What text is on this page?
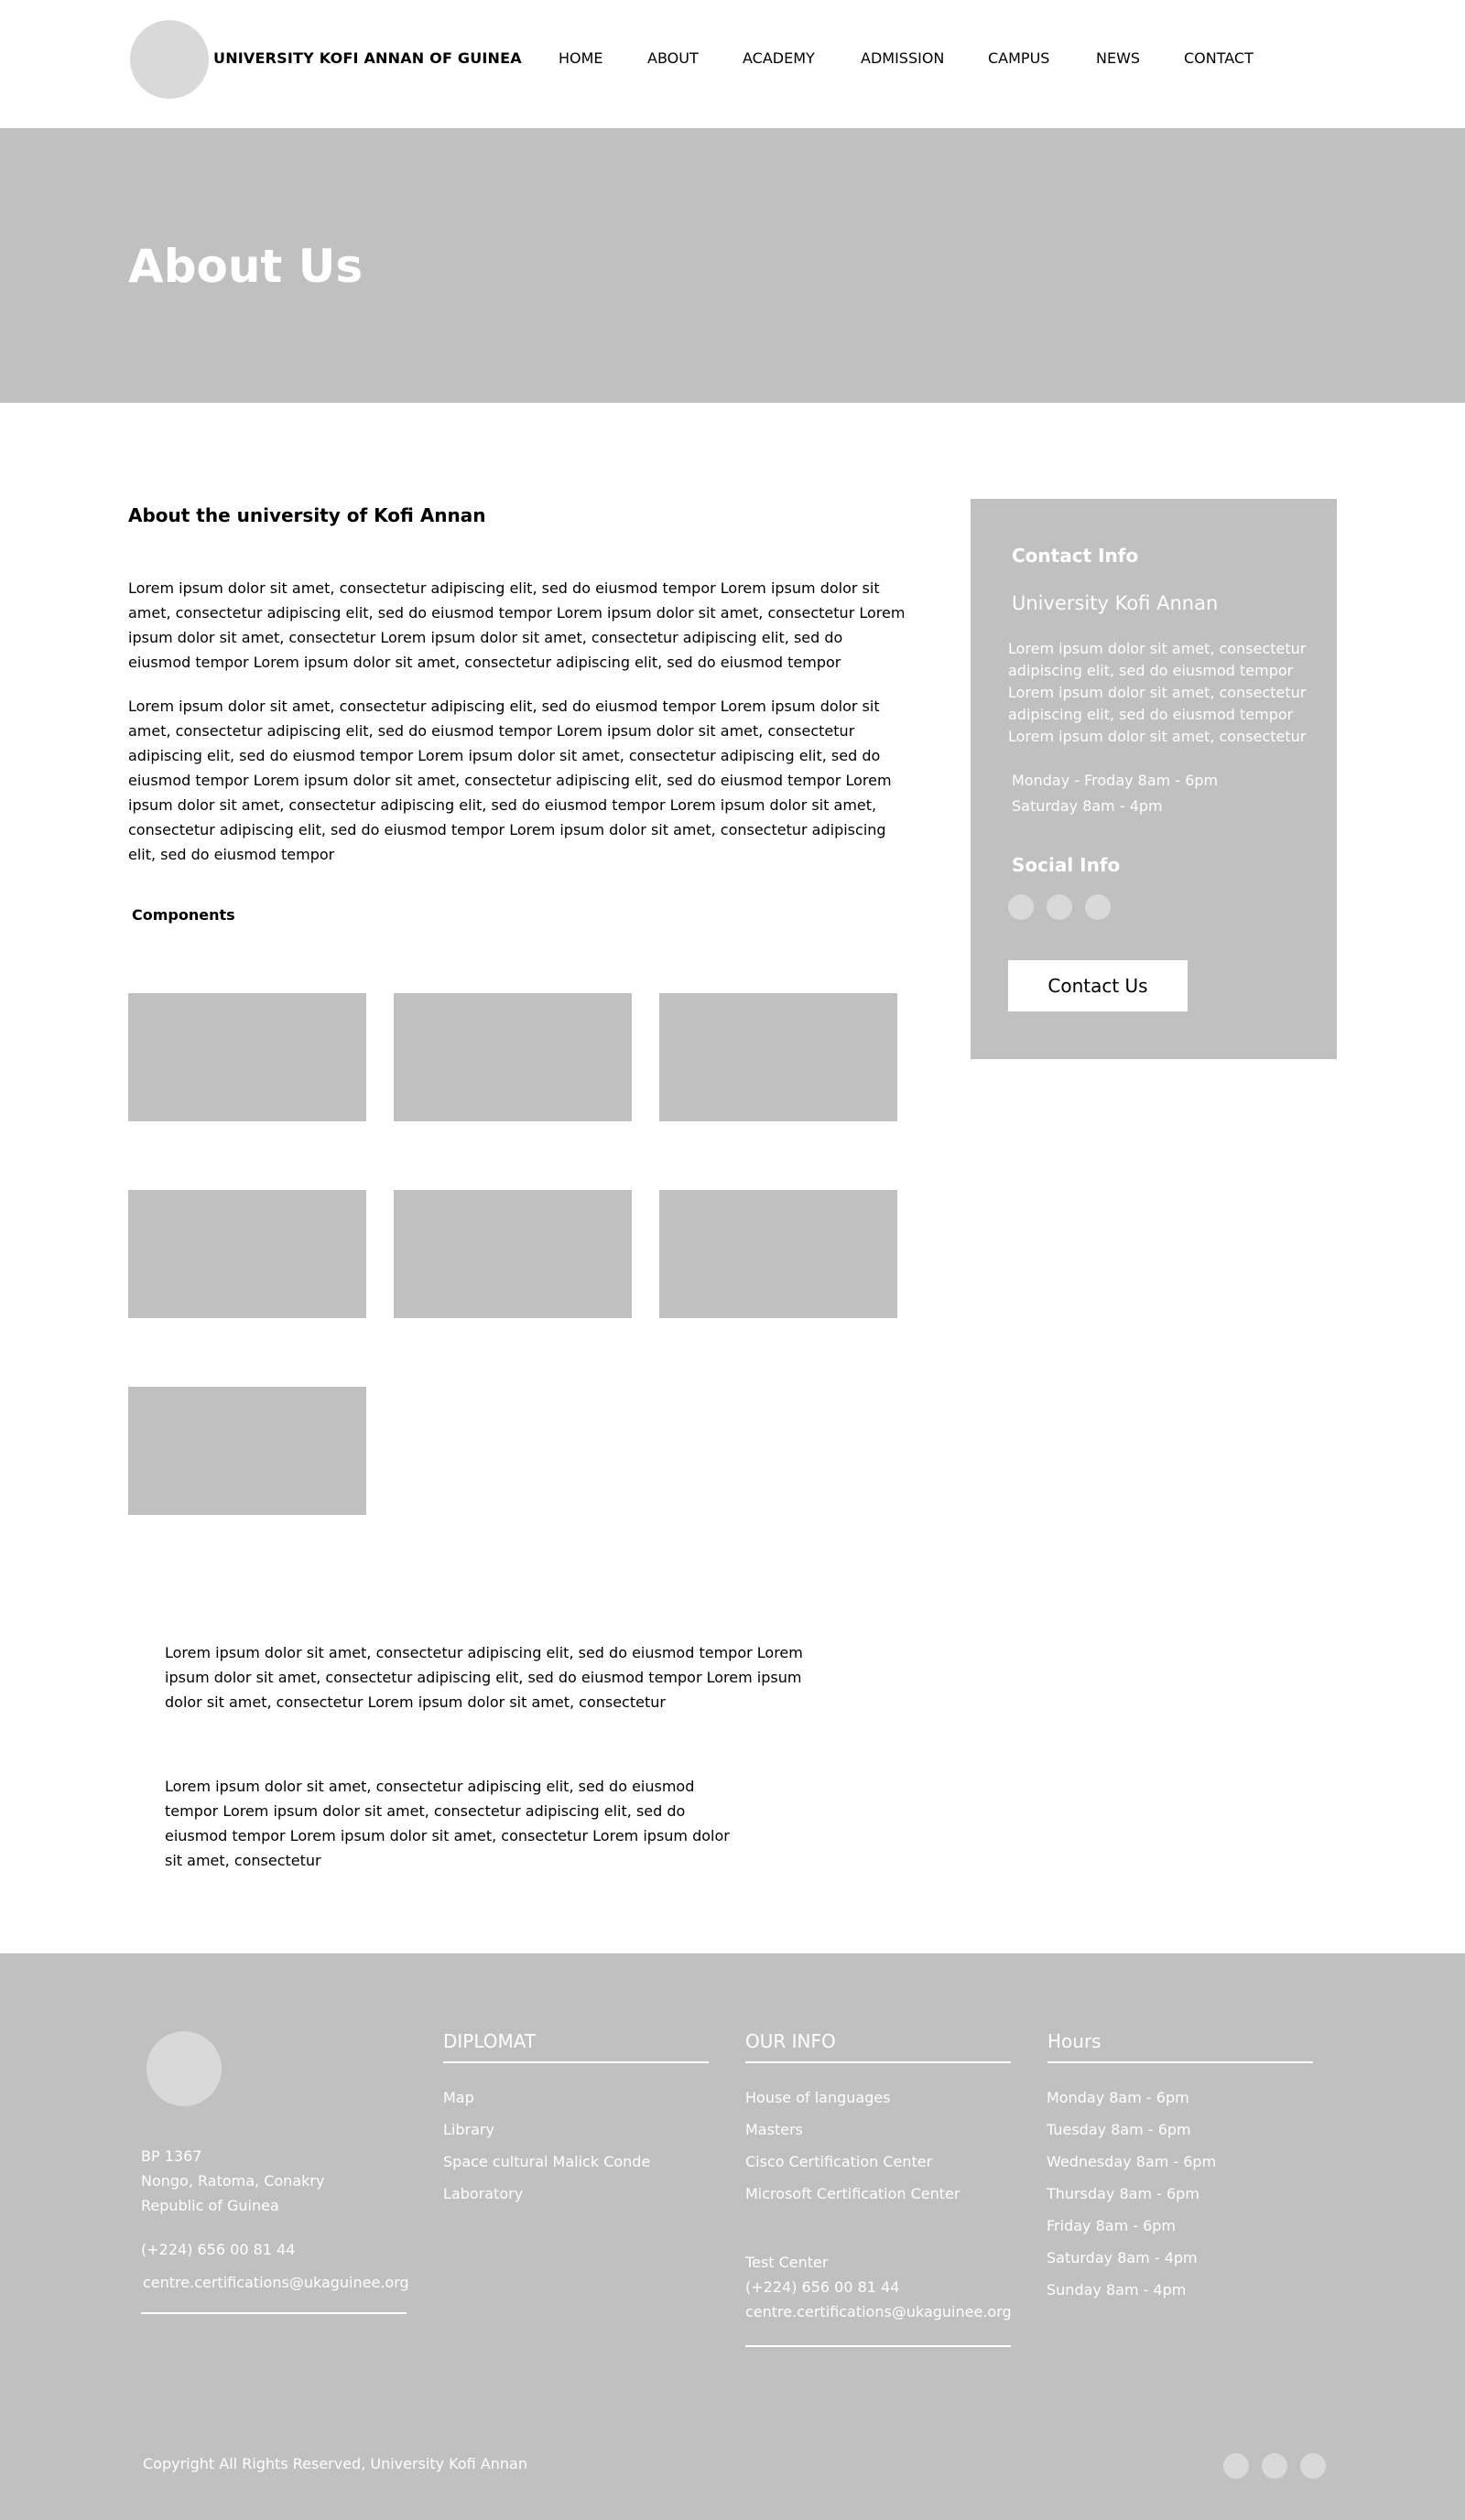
UNIVERSITY KOFI ANNAN OF GUINEA	HOME	ABOUT	ACADEMY	ADMISSION	CAMPUS	NEWS	CONTACT
About Us
About the university of Kofi Annan

Lorem ipsum dolor sit amet, consectetur adipiscing elit, sed do eiusmod tempor Lorem ipsum dolor sit amet, consectetur adipiscing elit, sed do eiusmod tempor Lorem ipsum dolor sit amet, consectetur Lorem ipsum dolor sit amet, consectetur Lorem ipsum dolor sit amet, consectetur adipiscing elit, sed do eiusmod tempor Lorem ipsum dolor sit amet, consectetur adipiscing elit, sed do eiusmod tempor

Lorem ipsum dolor sit amet, consectetur adipiscing elit, sed do eiusmod tempor Lorem ipsum dolor sit amet, consectetur adipiscing elit, sed do eiusmod tempor Lorem ipsum dolor sit amet, consectetur adipiscing elit, sed do eiusmod tempor Lorem ipsum dolor sit amet, consectetur adipiscing elit, sed do eiusmod tempor Lorem ipsum dolor sit amet, consectetur adipiscing elit, sed do eiusmod tempor Lorem ipsum dolor sit amet, consectetur adipiscing elit, sed do eiusmod tempor Lorem ipsum dolor sit amet, consectetur adipiscing elit, sed do eiusmod tempor Lorem ipsum dolor sit amet, consectetur adipiscing elit, sed do eiusmod tempor

Components

Lorem ipsum dolor sit amet, consectetur adipiscing elit, sed do eiusmod tempor Lorem ipsum dolor sit amet, consectetur adipiscing elit, sed do eiusmod tempor Lorem ipsum dolor sit amet, consectetur Lorem ipsum dolor sit amet, consectetur

Lorem ipsum dolor sit amet, consectetur adipiscing elit, sed do eiusmod tempor Lorem ipsum dolor sit amet, consectetur adipiscing elit, sed do eiusmod tempor Lorem ipsum dolor sit amet, consectetur Lorem ipsum dolor sit amet, consectetur

Contact Info
University Kofi Annan

Lorem ipsum dolor sit amet, consectetur adipiscing elit, sed do eiusmod tempor Lorem ipsum dolor sit amet, consectetur adipiscing elit, sed do eiusmod tempor Lorem ipsum dolor sit amet, consectetur

Monday - Froday 8am - 6pm
Saturday 8am - 4pm
Social Info
Contact Us
BP 1367
Nongo, Ratoma, Conakry
Republic of Guinea
(+224) 656 00 81 44
centre.certifications@ukaguinee.org
DIPLOMAT
Map
Library
Space cultural Malick Conde
Laboratory
OUR INFO
House of languages
Masters
Cisco Certification Center
Microsoft Certification Center
Test Center
(+224) 656 00 81 44
centre.certifications@ukaguinee.org
Hours
Monday 8am - 6pm
Tuesday 8am - 6pm
Wednesday 8am - 6pm
Thursday 8am - 6pm
Friday 8am - 6pm
Saturday 8am - 4pm
Sunday 8am - 4pm
Copyright All Rights Reserved, University Kofi Annan
